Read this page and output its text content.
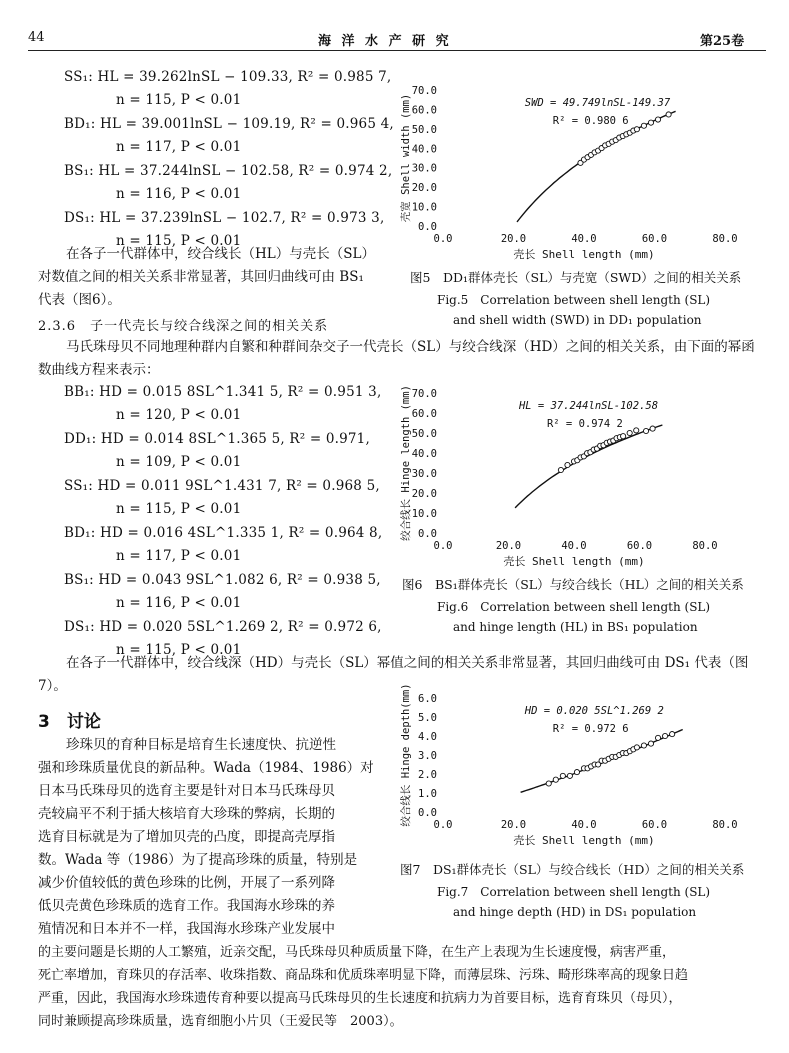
44	海 洋 水 产 研 究	第25卷
SS₁: HL = 39.262lnSL − 109.33, R² = 0.985 7,
n = 115, P < 0.01
BD₁: HL = 39.001lnSL − 109.19, R² = 0.965 4,
n = 117, P < 0.01
BS₁: HL = 37.244lnSL − 102.58, R² = 0.974 2,
n = 116, P < 0.01
DS₁: HL = 37.239lnSL − 102.7, R² = 0.973 3,
n = 115, P < 0.01
在各子一代群体中，绞合线长（HL）与壳长（SL）对数值之间的相关关系非常显著，其回归曲线可由 BS₁ 代表（图6）。
2.3.6　子一代壳长与绞合线深之间的相关关系
马氏珠母贝不同地理种群内自繁和种群间杂交子一代壳长（SL）与绞合线深（HD）之间的相关关系，由下面的幂函数曲线方程来表示：
BB₁: HD = 0.015 8SL^1.341 5, R² = 0.951 3,
n = 120, P < 0.01
DD₁: HD = 0.014 8SL^1.365 5, R² = 0.971,
n = 109, P < 0.01
SS₁: HD = 0.011 9SL^1.431 7, R² = 0.968 5,
n = 115, P < 0.01
BD₁: HD = 0.016 4SL^1.335 1, R² = 0.964 8,
n = 117, P < 0.01
BS₁: HD = 0.043 9SL^1.082 6, R² = 0.938 5,
n = 116, P < 0.01
DS₁: HD = 0.020 5SL^1.269 2, R² = 0.972 6,
n = 115, P < 0.01
在各子一代群体中，绞合线深（HD）与壳长（SL）幂值之间的相关关系非常显著，其回归曲线可由 DS₁ 代表（图7）。
3　讨论
珍珠贝的育种目标是培育生长速度快、抗逆性
强和珍珠质量优良的新品种。Wada（1984、1986）对
日本马氏珠母贝的选育主要是针对日本马氏珠母贝
壳较扁平不利于插大核培育大珍珠的弊病，长期的
选育目标就是为了增加贝壳的凸度，即提高壳厚指
数。Wada 等（1986）为了提高珍珠的质量，特别是
减少价值较低的黄色珍珠的比例，开展了一系列降
低贝壳黄色珍珠质的选育工作。我国海水珍珠的养
殖情况和日本并不一样，我国海水珍珠产业发展中
的主要问题是长期的人工繁殖，近亲交配，马氏珠母贝种质质量下降，在生产上表现为生长速度慢，病害严重，
死亡率增加，育珠贝的存活率、收珠指数、商品珠和优质珠率明显下降，而薄层珠、污珠、畸形珠率高的现象日趋
严重，因此，我国海水珍珠遗传育种要以提高马氏珠母贝的生长速度和抗病力为首要目标，选育育珠贝（母贝），
同时兼顾提高珍珠质量，选育细胞小片贝（王爱民等　2003）。
0.0
10.0
20.0
30.0
40.0
50.0
60.0
70.0
0.0	20.0	40.0	60.0	80.0
壳长 Shell length (mm)
壳宽 Shell width (mm)	SWD = 49.749lnSL-149.37
R² = 0.980 6
图5　DD₁群体壳长（SL）与壳宽（SWD）之间的相关关系
Fig.5　Correlation between shell length (SL)
and shell width (SWD) in DD₁ population
0.0
10.0
20.0
30.0
40.0
50.0
60.0
70.0
0.0	20.0	40.0	60.0	80.0
壳长 Shell length (mm)
绞合线长 Hinge length (mm)	HL = 37.244lnSL-102.58
R² = 0.974 2
图6　BS₁群体壳长（SL）与绞合线长（HL）之间的相关关系
Fig.6　Correlation between shell length (SL)
and hinge length (HL) in BS₁ population
0.0
1.0
2.0
3.0
4.0
5.0
6.0
0.0	20.0	40.0	60.0	80.0
壳长 Shell length (mm)
绞合线长 Hinge depth(mm)	HD = 0.020 5SL^1.269 2
R² = 0.972 6
图7　DS₁群体壳长（SL）与绞合线长（HD）之间的相关关系
Fig.7　Correlation between shell length (SL)
and hinge depth (HD) in DS₁ population
